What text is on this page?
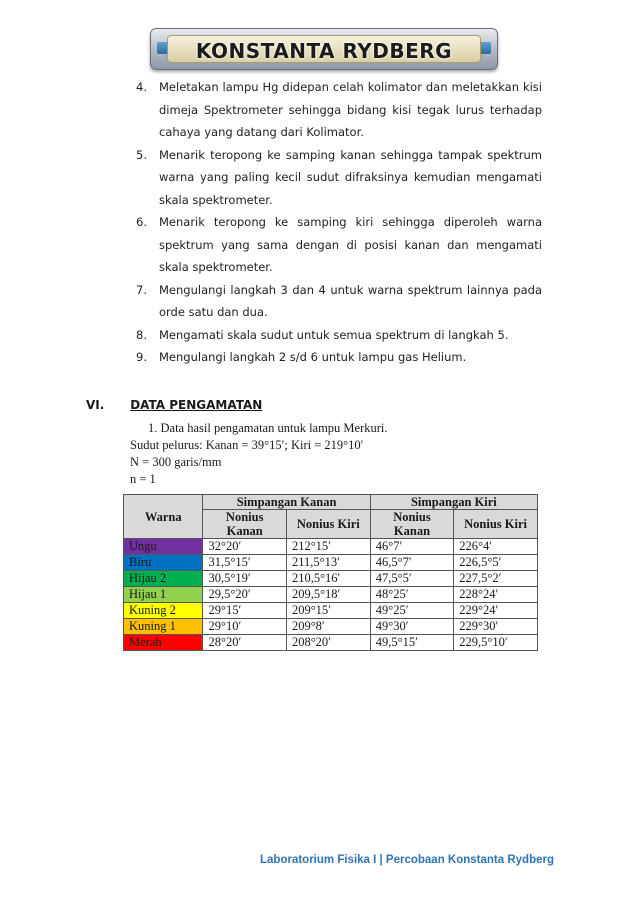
KONSTANTA RYDBERG
4. Meletakan lampu Hg didepan celah kolimator dan meletakkan kisi dimeja Spektrometer sehingga bidang kisi tegak lurus terhadap cahaya yang datang dari Kolimator.
5. Menarik teropong ke samping kanan sehingga tampak spektrum warna yang paling kecil sudut difraksinya kemudian mengamati skala spektrometer.
6. Menarik teropong ke samping kiri sehingga diperoleh warna spektrum yang sama dengan di posisi kanan dan mengamati skala spektrometer.
7. Mengulangi langkah 3 dan 4 untuk warna spektrum lainnya pada orde satu dan dua.
8. Mengamati skala sudut untuk semua spektrum di langkah 5.
9. Mengulangi langkah 2 s/d 6 untuk lampu gas Helium.
VI. DATA PENGAMATAN
1. Data hasil pengamatan untuk lampu Merkuri.
Sudut pelurus: Kanan = 39°15′; Kiri = 219°10′
N = 300 garis/mm
n = 1
Warna	Simpangan Kanan		Simpangan Kiri	
	Nonius Kanan	Nonius Kiri	Nonius Kanan	Nonius Kiri
Ungu	32°20′	212°15′	46°7′	226°4′
Biru	31,5°15′	211,5°13′	46,5°7′	226,5°5′
Hijau 2	30,5°19′	210,5°16′	47,5°5′	227,5°2′
Hijau 1	29,5°20′	209,5°18′	48°25′	228°24′
Kuning 2	29°15′	209°15′	49°25′	229°24′
Kuning 1	29°10′	209°8′	49°30′	229°30′
Merah	28°20′	208°20′	49,5°15′	229,5°10′
Laboratorium Fisika I | Percobaan Konstanta Rydberg
